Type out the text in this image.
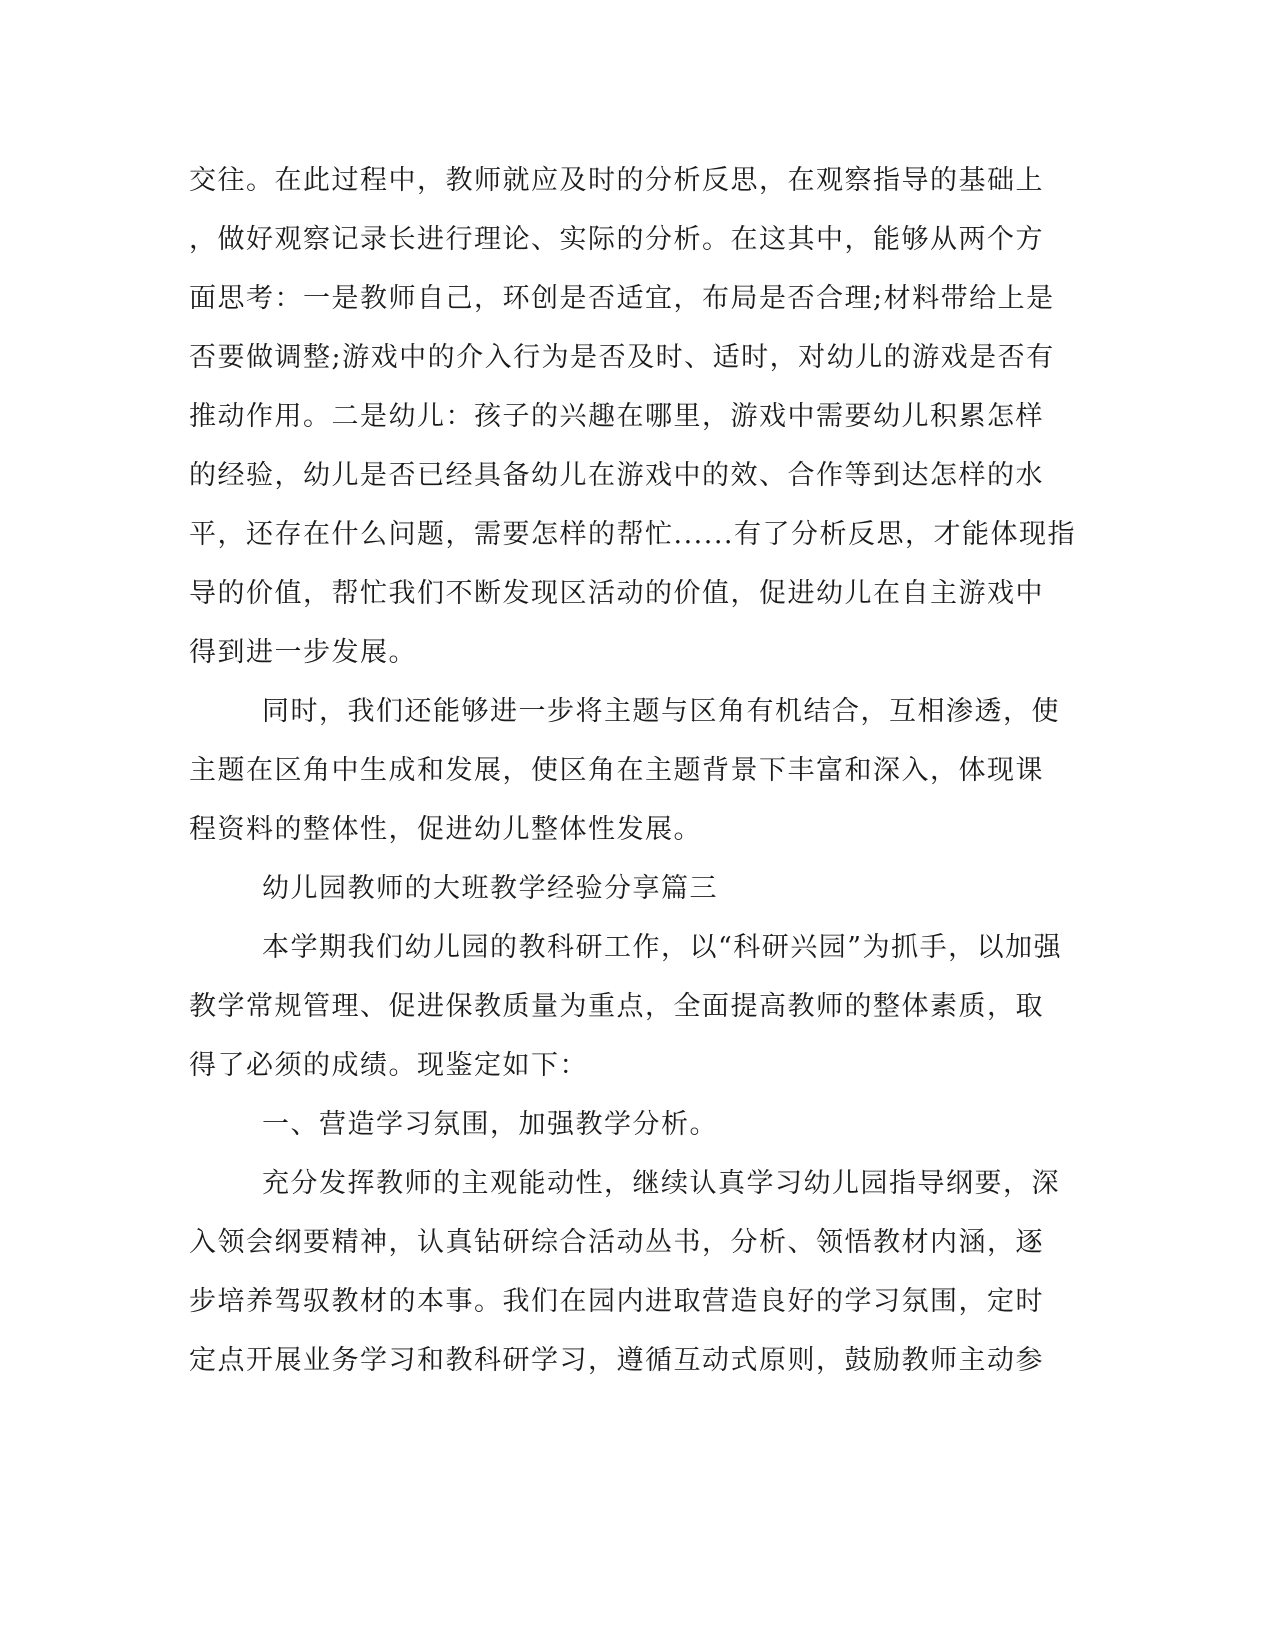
交往。在此过程中，教师就应及时的分析反思，在观察指导的基础上
，做好观察记录长进行理论、实际的分析。在这其中，能够从两个方
面思考：一是教师自己，环创是否适宜，布局是否合理;材料带给上是
否要做调整;游戏中的介入行为是否及时、适时，对幼儿的游戏是否有
推动作用。二是幼儿：孩子的兴趣在哪里，游戏中需要幼儿积累怎样
的经验，幼儿是否已经具备幼儿在游戏中的效、合作等到达怎样的水
平，还存在什么问题，需要怎样的帮忙......有了分析反思，才能体现指
导的价值，帮忙我们不断发现区活动的价值，促进幼儿在自主游戏中
得到进一步发展。
同时，我们还能够进一步将主题与区角有机结合，互相渗透，使
主题在区角中生成和发展，使区角在主题背景下丰富和深入，体现课
程资料的整体性，促进幼儿整体性发展。
幼儿园教师的大班教学经验分享篇三
本学期我们幼儿园的教科研工作，以“科研兴园”为抓手，以加强
教学常规管理、促进保教质量为重点，全面提高教师的整体素质，取
得了必须的成绩。现鉴定如下：
一、营造学习氛围，加强教学分析。
充分发挥教师的主观能动性，继续认真学习幼儿园指导纲要，深
入领会纲要精神，认真钻研综合活动丛书，分析、领悟教材内涵，逐
步培养驾驭教材的本事。我们在园内进取营造良好的学习氛围，定时
定点开展业务学习和教科研学习，遵循互动式原则，鼓励教师主动参
